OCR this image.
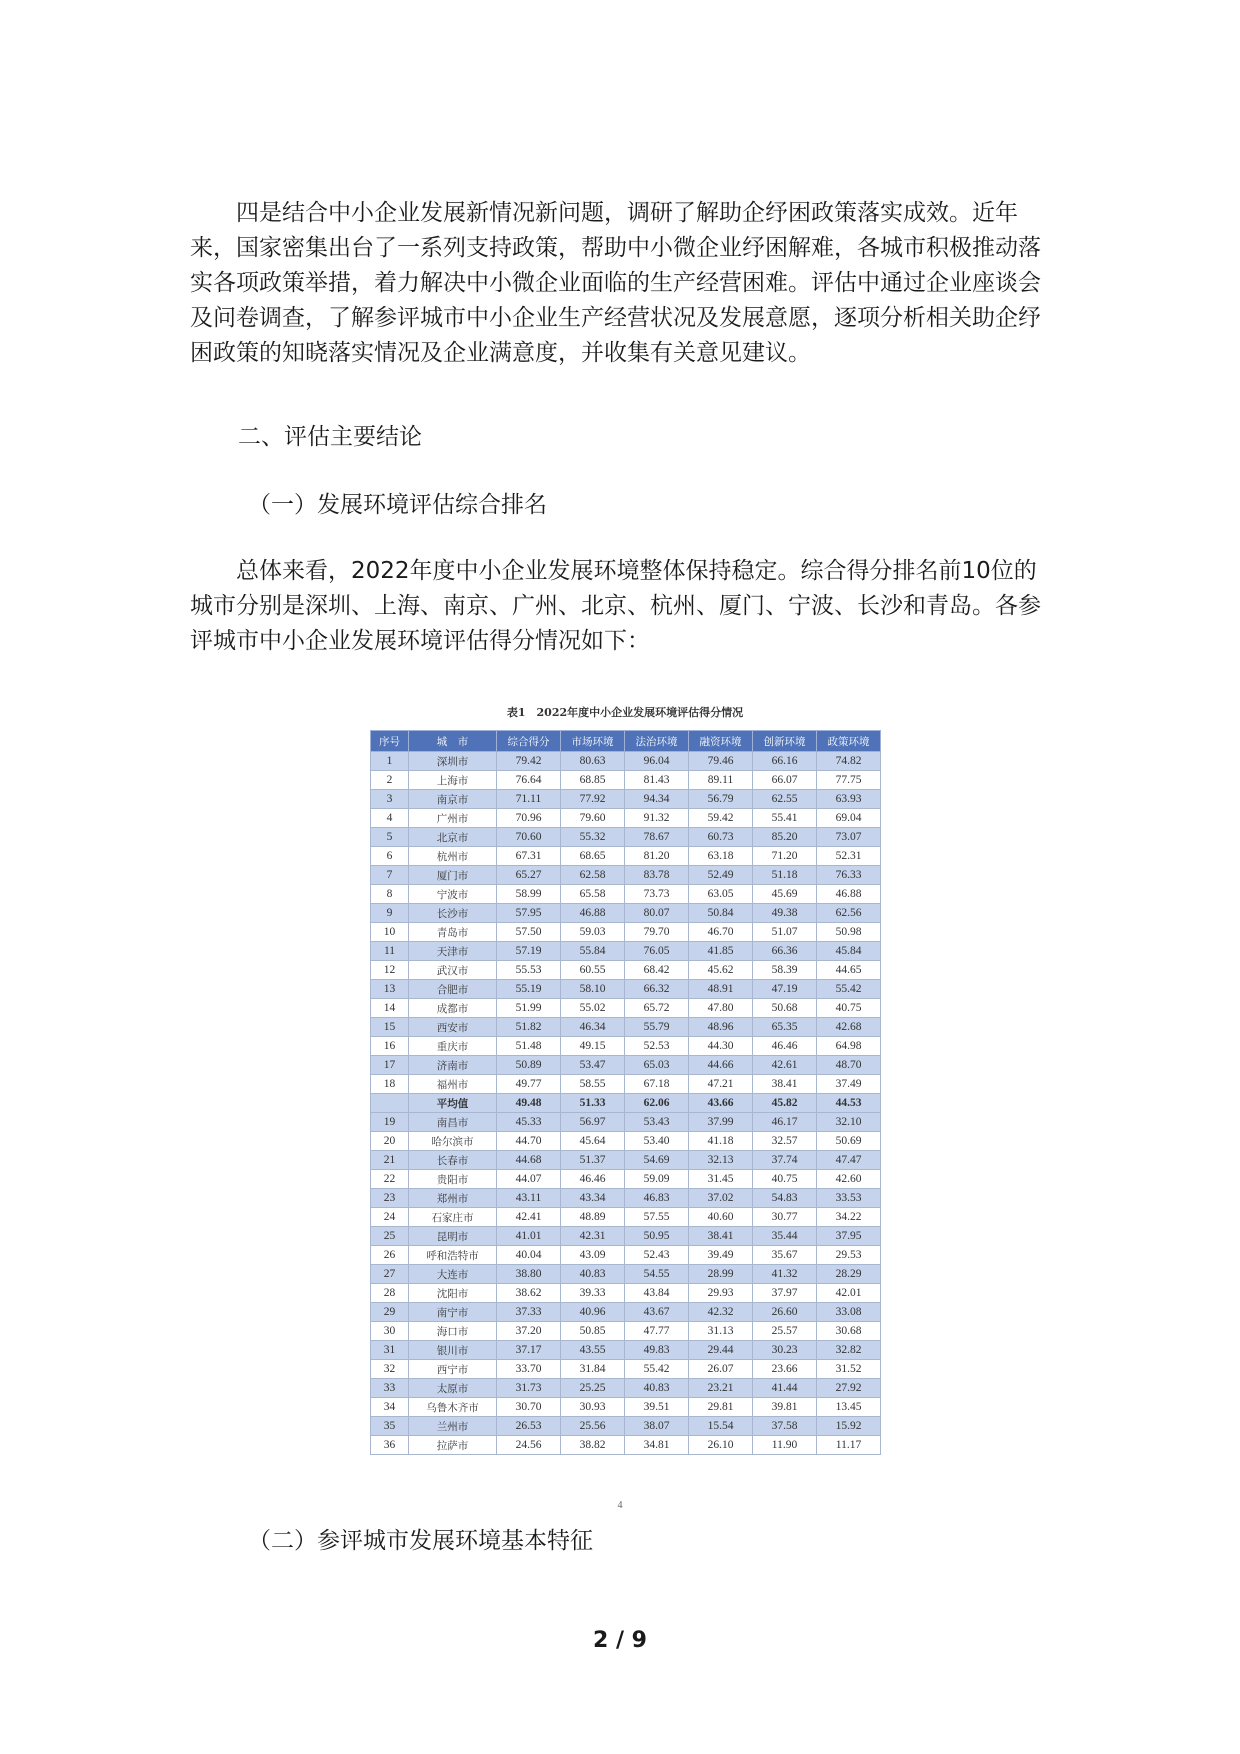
四是结合中小企业发展新情况新问题，调研了解助企纾困政策落实成效。近年来，国家密集出台了一系列支持政策，帮助中小微企业纾困解难，各城市积极推动落实各项政策举措，着力解决中小微企业面临的生产经营困难。评估中通过企业座谈会及问卷调查，了解参评城市中小企业生产经营状况及发展意愿，逐项分析相关助企纾困政策的知晓落实情况及企业满意度，并收集有关意见建议。

二、评估主要结论
（一）发展环境评估综合排名

总体来看，2022年度中小企业发展环境整体保持稳定。综合得分排名前10位的城市分别是深圳、上海、南京、广州、北京、杭州、厦门、宁波、长沙和青岛。各参评城市中小企业发展环境评估得分情况如下：

表1　2022年度中小企业发展环境评估得分情况
序号	城　市	综合得分	市场环境	法治环境	融资环境	创新环境	政策环境
1	深圳市	79.42	80.63	96.04	79.46	66.16	74.82
2	上海市	76.64	68.85	81.43	89.11	66.07	77.75
3	南京市	71.11	77.92	94.34	56.79	62.55	63.93
4	广州市	70.96	79.60	91.32	59.42	55.41	69.04
5	北京市	70.60	55.32	78.67	60.73	85.20	73.07
6	杭州市	67.31	68.65	81.20	63.18	71.20	52.31
7	厦门市	65.27	62.58	83.78	52.49	51.18	76.33
8	宁波市	58.99	65.58	73.73	63.05	45.69	46.88
9	长沙市	57.95	46.88	80.07	50.84	49.38	62.56
10	青岛市	57.50	59.03	79.70	46.70	51.07	50.98
11	天津市	57.19	55.84	76.05	41.85	66.36	45.84
12	武汉市	55.53	60.55	68.42	45.62	58.39	44.65
13	合肥市	55.19	58.10	66.32	48.91	47.19	55.42
14	成都市	51.99	55.02	65.72	47.80	50.68	40.75
15	西安市	51.82	46.34	55.79	48.96	65.35	42.68
16	重庆市	51.48	49.15	52.53	44.30	46.46	64.98
17	济南市	50.89	53.47	65.03	44.66	42.61	48.70
18	福州市	49.77	58.55	67.18	47.21	38.41	37.49
	平均值	49.48	51.33	62.06	43.66	45.82	44.53
19	南昌市	45.33	56.97	53.43	37.99	46.17	32.10
20	哈尔滨市	44.70	45.64	53.40	41.18	32.57	50.69
21	长春市	44.68	51.37	54.69	32.13	37.74	47.47
22	贵阳市	44.07	46.46	59.09	31.45	40.75	42.60
23	郑州市	43.11	43.34	46.83	37.02	54.83	33.53
24	石家庄市	42.41	48.89	57.55	40.60	30.77	34.22
25	昆明市	41.01	42.31	50.95	38.41	35.44	37.95
26	呼和浩特市	40.04	43.09	52.43	39.49	35.67	29.53
27	大连市	38.80	40.83	54.55	28.99	41.32	28.29
28	沈阳市	38.62	39.33	43.84	29.93	37.97	42.01
29	南宁市	37.33	40.96	43.67	42.32	26.60	33.08
30	海口市	37.20	50.85	47.77	31.13	25.57	30.68
31	银川市	37.17	43.55	49.83	29.44	30.23	32.82
32	西宁市	33.70	31.84	55.42	26.07	23.66	31.52
33	太原市	31.73	25.25	40.83	23.21	41.44	27.92
34	乌鲁木齐市	30.70	30.93	39.51	29.81	39.81	13.45
35	兰州市	26.53	25.56	38.07	15.54	37.58	15.92
36	拉萨市	24.56	38.82	34.81	26.10	11.90	11.17
4
（二）参评城市发展环境基本特征
2 / 9
